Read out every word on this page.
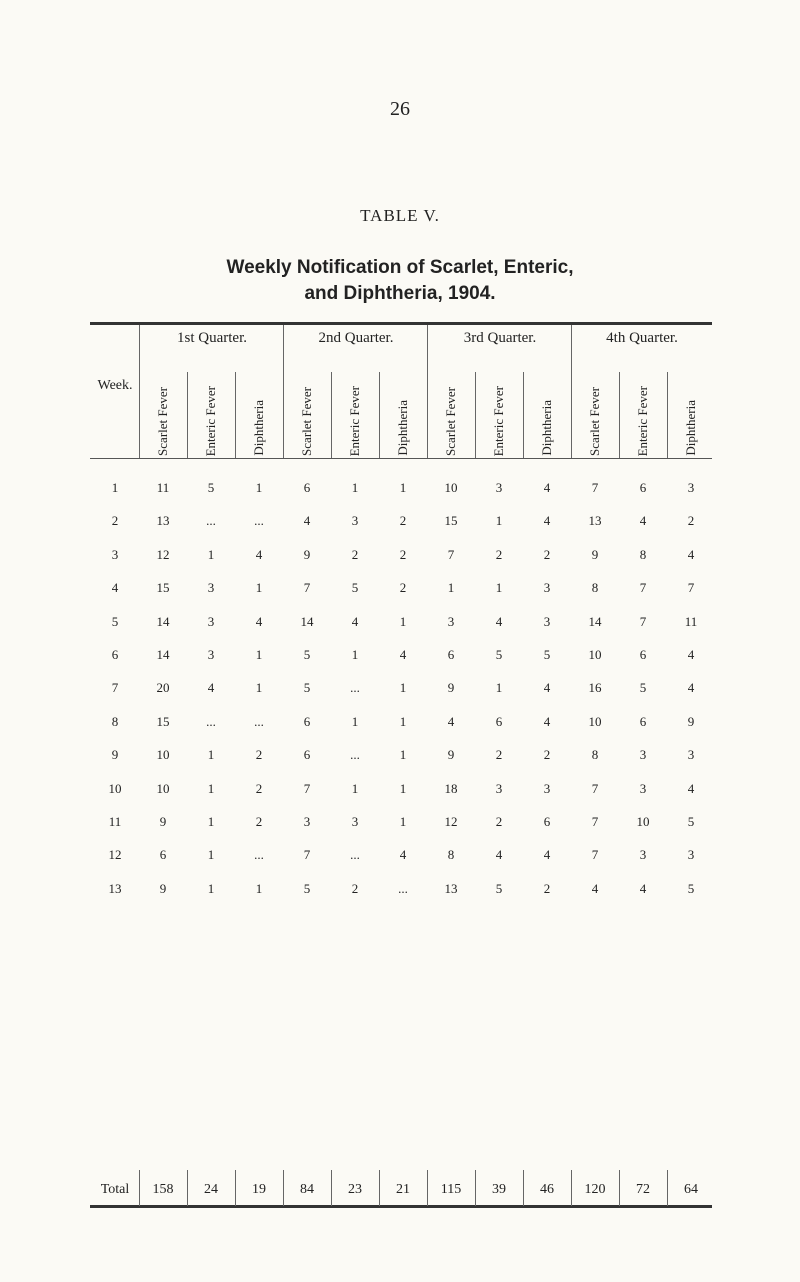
26
TABLE V.
Weekly Notification of Scarlet, Enteric,
and Diphtheria, 1904.
Week.
1st Quarter.	2nd Quarter.	3rd Quarter.	4th Quarter.
Scarlet Fever	Enteric Fever	Diphtheria	Scarlet Fever	Enteric Fever	Diphtheria	Scarlet Fever	Enteric Fever	Diphtheria	Scarlet Fever	Enteric Fever	Diphtheria
1	11	5	1	6	1	1	10	3	4	7	6	3
2	13	...	...	4	3	2	15	1	4	13	4	2
3	12	1	4	9	2	2	7	2	2	9	8	4
4	15	3	1	7	5	2	1	1	3	8	7	7
5	14	3	4	14	4	1	3	4	3	14	7	11
6	14	3	1	5	1	4	6	5	5	10	6	4
7	20	4	1	5	...	1	9	1	4	16	5	4
8	15	...	...	6	1	1	4	6	4	10	6	9
9	10	1	2	6	...	1	9	2	2	8	3	3
10	10	1	2	7	1	1	18	3	3	7	3	4
11	9	1	2	3	3	1	12	2	6	7	10	5
12	6	1	...	7	...	4	8	4	4	7	3	3
13	9	1	1	5	2	...	13	5	2	4	4	5
Total	158	24	19	84	23	21	115	39	46	120	72	64
